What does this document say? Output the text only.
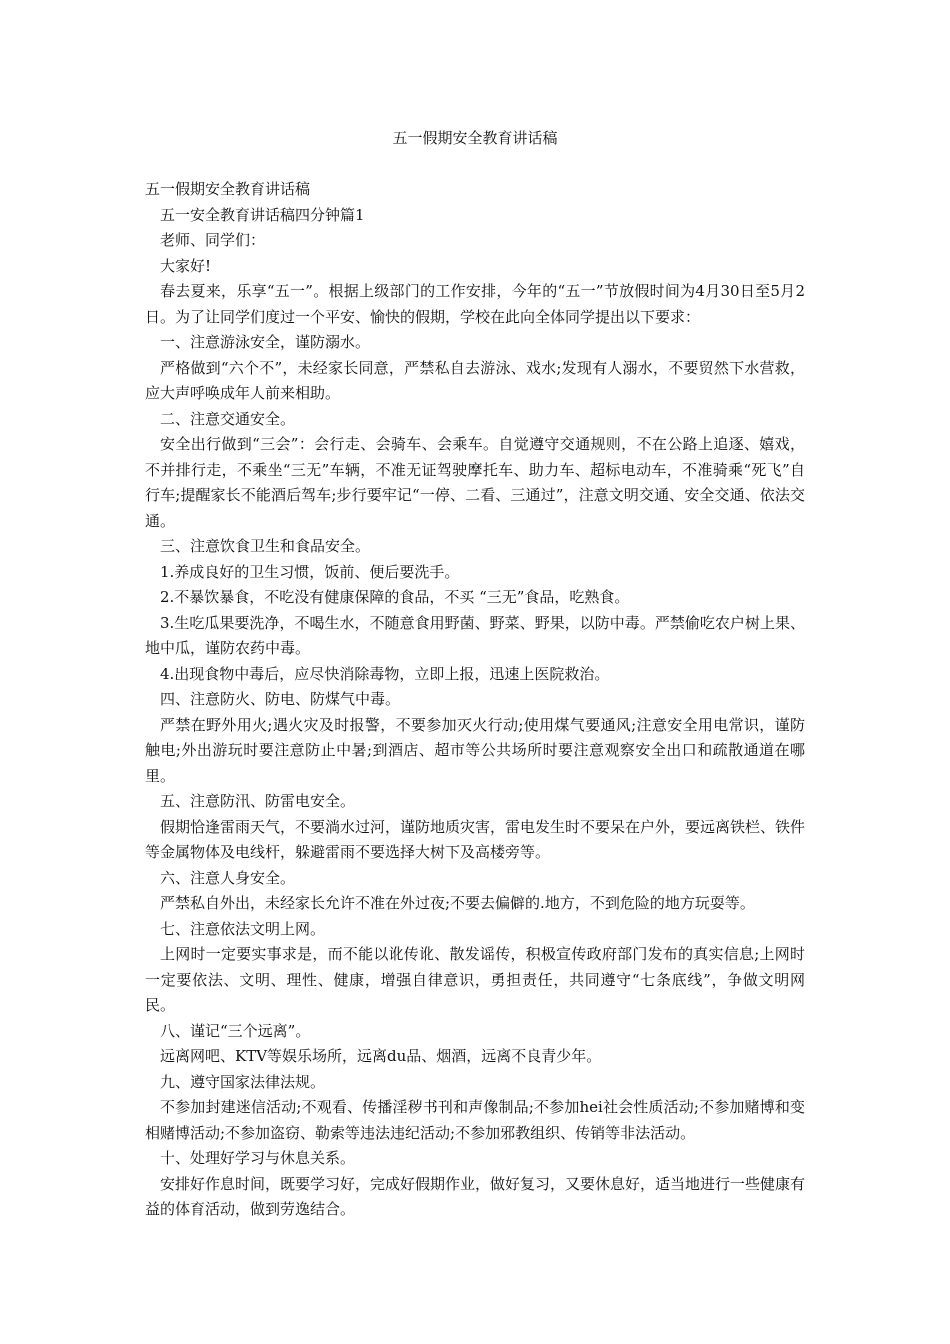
五一假期安全教育讲话稿

五一假期安全教育讲话稿

五一安全教育讲话稿四分钟篇1

老师、同学们：

大家好!

春去夏来，乐享“五一”。根据上级部门的工作安排，今年的“五一”节放假时间为4月30日至5月2日。为了让同学们度过一个平安、愉快的假期，学校在此向全体同学提出以下要求：

一、注意游泳安全，谨防溺水。

严格做到“六个不”，未经家长同意，严禁私自去游泳、戏水;发现有人溺水，不要贸然下水营救，应大声呼唤成年人前来相助。

二、注意交通安全。

安全出行做到“三会”：会行走、会骑车、会乘车。自觉遵守交通规则，不在公路上追逐、嬉戏，不并排行走，不乘坐“三无”车辆，不准无证驾驶摩托车、助力车、超标电动车，不准骑乘“死飞”自行车;提醒家长不能酒后驾车;步行要牢记“一停、二看、三通过”，注意文明交通、安全交通、依法交通。

三、注意饮食卫生和食品安全。

1.养成良好的卫生习惯，饭前、便后要洗手。

2.不暴饮暴食，不吃没有健康保障的食品，不买 “三无”食品，吃熟食。

3.生吃瓜果要洗净，不喝生水，不随意食用野菌、野菜、野果，以防中毒。严禁偷吃农户树上果、地中瓜，谨防农药中毒。

4.出现食物中毒后，应尽快消除毒物，立即上报，迅速上医院救治。

四、注意防火、防电、防煤气中毒。

严禁在野外用火;遇火灾及时报警，不要参加灭火行动;使用煤气要通风;注意安全用电常识，谨防触电;外出游玩时要注意防止中暑;到酒店、超市等公共场所时要注意观察安全出口和疏散通道在哪里。

五、注意防汛、防雷电安全。

假期恰逢雷雨天气，不要淌水过河，谨防地质灾害，雷电发生时不要呆在户外，要远离铁栏、铁件等金属物体及电线杆，躲避雷雨不要选择大树下及高楼旁等。

六、注意人身安全。

严禁私自外出，未经家长允许不准在外过夜;不要去偏僻的.地方，不到危险的地方玩耍等。

七、注意依法文明上网。

上网时一定要实事求是，而不能以讹传讹、散发谣传，积极宣传政府部门发布的真实信息;上网时一定要依法、文明、理性、健康，增强自律意识，勇担责任，共同遵守“七条底线”，争做文明网民。

八、谨记“三个远离”。

远离网吧、KTV等娱乐场所，远离du品、烟酒，远离不良青少年。

九、遵守国家法律法规。

不参加封建迷信活动;不观看、传播淫秽书刊和声像制品;不参加hei社会性质活动;不参加赌博和变相赌博活动;不参加盗窃、勒索等违法违纪活动;不参加邪教组织、传销等非法活动。

十、处理好学习与休息关系。

安排好作息时间，既要学习好，完成好假期作业，做好复习，又要休息好，适当地进行一些健康有益的体育活动，做到劳逸结合。
